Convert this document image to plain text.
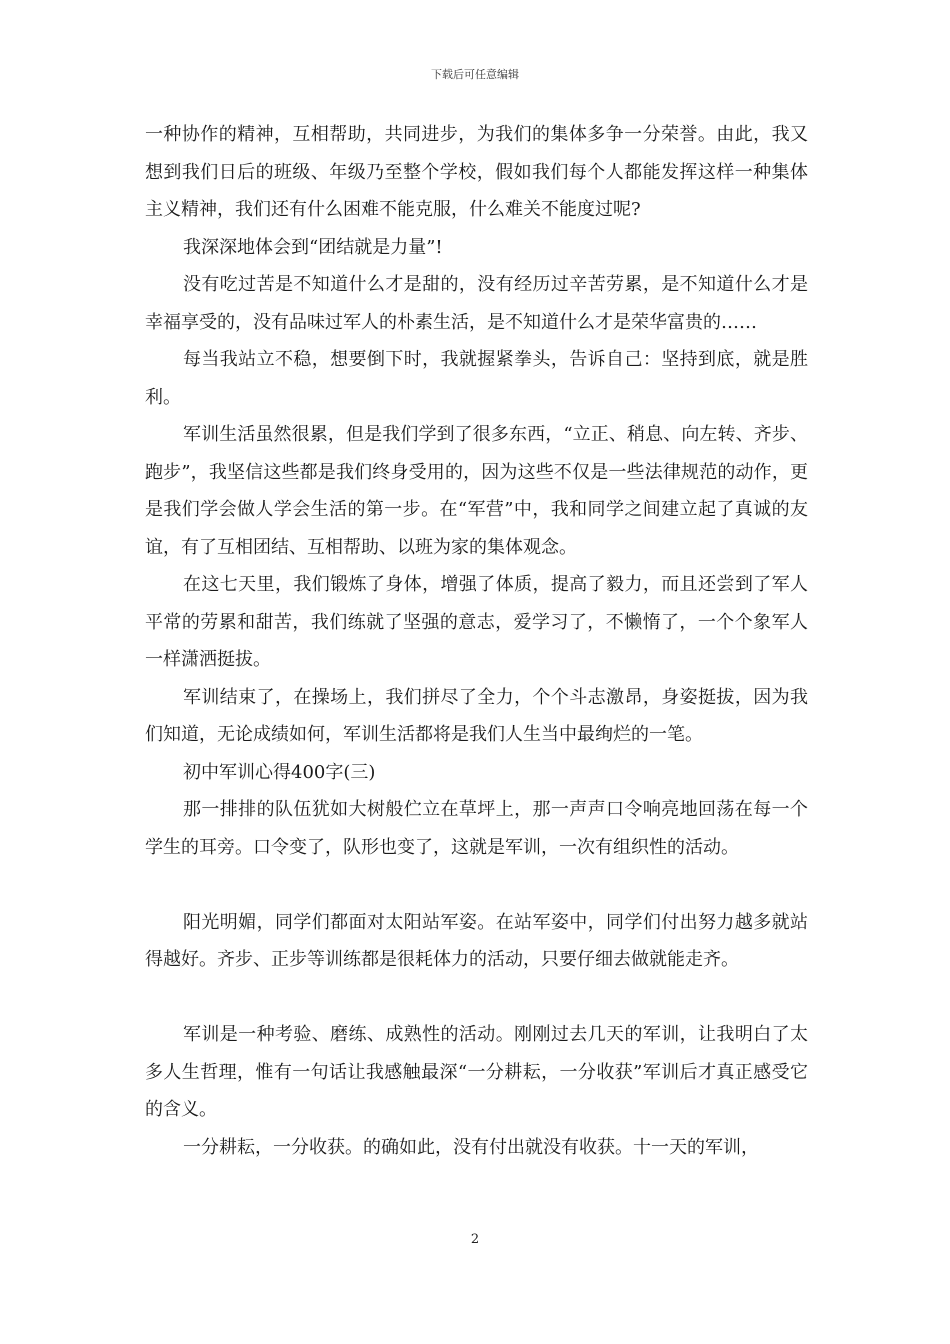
下载后可任意编辑

一种协作的精神，互相帮助，共同进步，为我们的集体多争一分荣誉。由此，我又想到我们日后的班级、年级乃至整个学校，假如我们每个人都能发挥这样一种集体主义精神，我们还有什么困难不能克服，什么难关不能度过呢?

我深深地体会到“团结就是力量”!

没有吃过苦是不知道什么才是甜的，没有经历过辛苦劳累，是不知道什么才是幸福享受的，没有品味过军人的朴素生活，是不知道什么才是荣华富贵的……

每当我站立不稳，想要倒下时，我就握紧拳头，告诉自己：坚持到底，就是胜利。

军训生活虽然很累，但是我们学到了很多东西，“立正、稍息、向左转、齐步、跑步”，我坚信这些都是我们终身受用的，因为这些不仅是一些法律规范的动作，更是我们学会做人学会生活的第一步。在“军营”中，我和同学之间建立起了真诚的友谊，有了互相团结、互相帮助、以班为家的集体观念。

在这七天里，我们锻炼了身体，增强了体质，提高了毅力，而且还尝到了军人平常的劳累和甜苦，我们练就了坚强的意志，爱学习了，不懒惰了，一个个象军人一样潇洒挺拔。

军训结束了，在操场上，我们拼尽了全力，个个斗志激昂，身姿挺拔，因为我们知道，无论成绩如何，军训生活都将是我们人生当中最绚烂的一笔。

初中军训心得400字(三)

那一排排的队伍犹如大树般伫立在草坪上，那一声声口令响亮地回荡在每一个学生的耳旁。口令变了，队形也变了，这就是军训，一次有组织性的活动。

阳光明媚，同学们都面对太阳站军姿。在站军姿中，同学们付出努力越多就站得越好。齐步、正步等训练都是很耗体力的活动，只要仔细去做就能走齐。

军训是一种考验、磨练、成熟性的活动。刚刚过去几天的军训，让我明白了太多人生哲理，惟有一句话让我感触最深“一分耕耘，一分收获”军训后才真正感受它的含义。

一分耕耘，一分收获。的确如此，没有付出就没有收获。十一天的军训，

2
